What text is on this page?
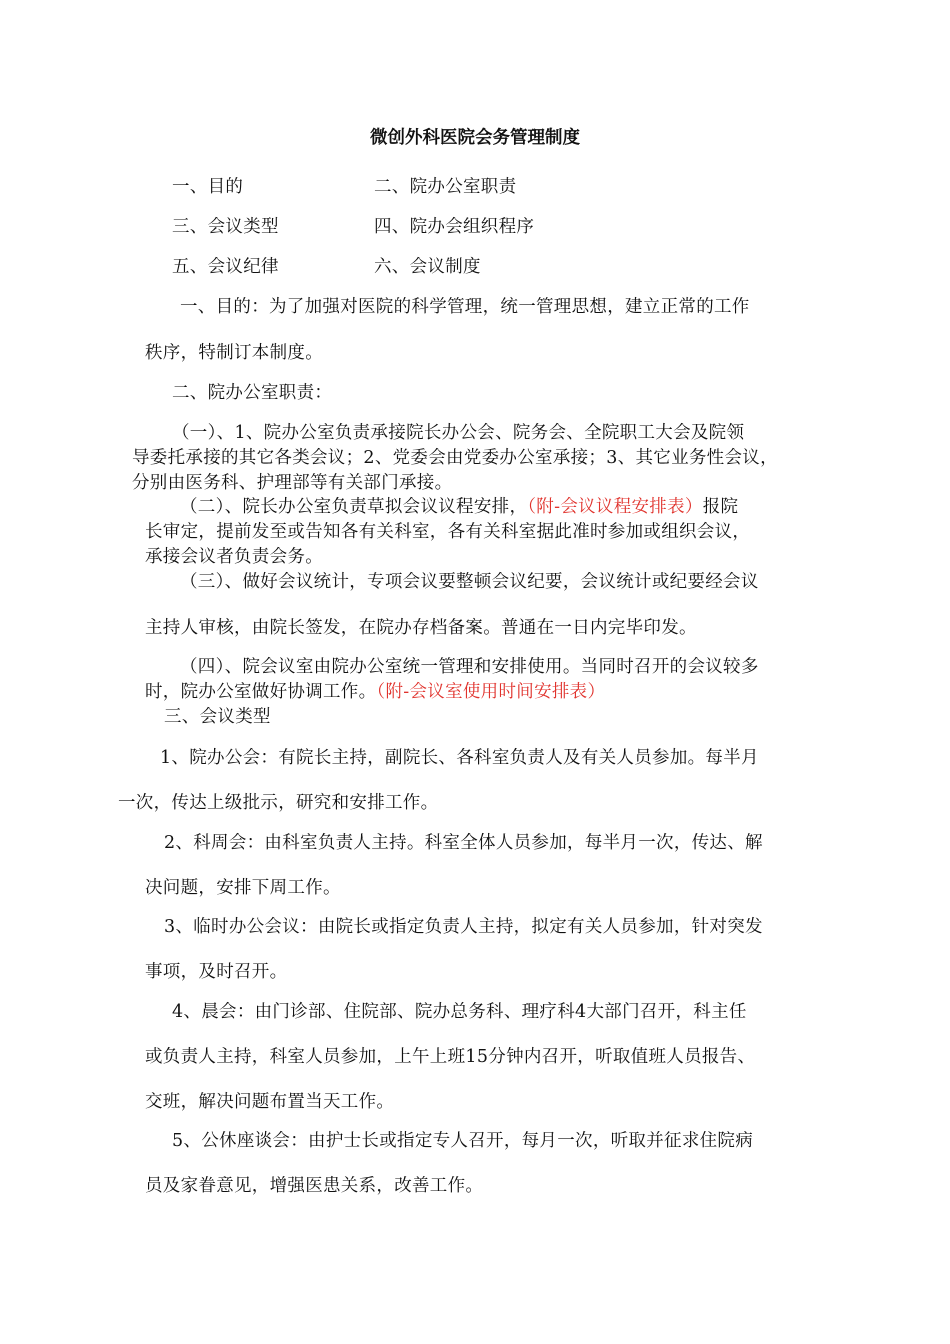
微创外科医院会务管理制度
一、目的	二、院办公室职责
三、会议类型	四、院办会组织程序
五、会议纪律	六、会议制度
一、目的：为了加强对医院的科学管理，统一管理思想，建立正常的工作
秩序，特制订本制度。
二、院办公室职责：
（一）、1、院办公室负责承接院长办公会、院务会、全院职工大会及院领
导委托承接的其它各类会议；2、党委会由党委办公室承接；3、其它业务性会议，
分别由医务科、护理部等有关部门承接。
（二）、院长办公室负责草拟会议议程安排，（附-会议议程安排表）报院
长审定，提前发至或告知各有关科室，各有关科室据此准时参加或组织会议，
承接会议者负责会务。
（三）、做好会议统计，专项会议要整顿会议纪要，会议统计或纪要经会议
主持人审核，由院长签发，在院办存档备案。普通在一日内完毕印发。
（四）、院会议室由院办公室统一管理和安排使用。当同时召开的会议较多
时，院办公室做好协调工作。（附-会议室使用时间安排表）
三、会议类型
1、院办公会：有院长主持，副院长、各科室负责人及有关人员参加。每半月
一次，传达上级批示，研究和安排工作。
2、科周会：由科室负责人主持。科室全体人员参加，每半月一次，传达、解
决问题，安排下周工作。
3、临时办公会议：由院长或指定负责人主持，拟定有关人员参加，针对突发
事项，及时召开。
4、晨会：由门诊部、住院部、院办总务科、理疗科4大部门召开，科主任
或负责人主持，科室人员参加，上午上班15分钟内召开，听取值班人员报告、
交班，解决问题布置当天工作。
5、公休座谈会：由护士长或指定专人召开，每月一次，听取并征求住院病
员及家眷意见，增强医患关系，改善工作。
